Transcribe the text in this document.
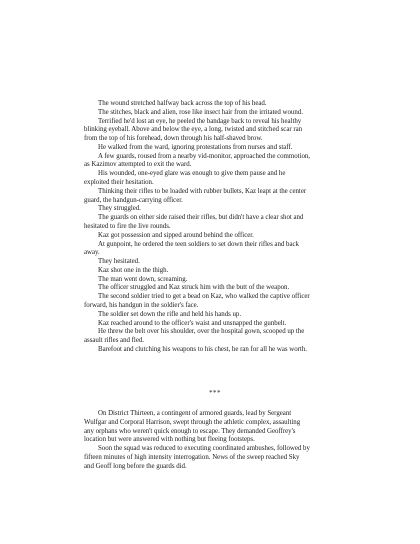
The wound stretched halfway back across the top of his head.

The stitches, black and alien, rose like insect hair from the irritated wound.

Terrified he'd lost an eye, he peeled the bandage back to reveal his healthy
blinking eyeball. Above and below the eye, a long, twisted and stitched scar ran
from the top of his forehead, down through his half-shaved brow.

He walked from the ward, ignoring protestations from nurses and staff.

A few guards, roused from a nearby vid-monitor, approached the commotion,
as Kazimov attempted to exit the ward.

His wounded, one-eyed glare was enough to give them pause and he
exploited their hesitation.

Thinking their rifles to be loaded with rubber bullets, Kaz leapt at the center
guard, the handgun-carrying officer.

They struggled.

The guards on either side raised their rifles, but didn't have a clear shot and
hesitated to fire the live rounds.

Kaz got possession and sipped around behind the officer.

At gunpoint, he ordered the teen soldiers to set down their rifles and back
away.

They hesitated.

Kaz shot one in the thigh.

The man went down, screaming.

The officer struggled and Kaz struck him with the butt of the weapon.

The second soldier tried to get a bead on Kaz, who walked the captive officer
forward, his handgun in the soldier's face.

The soldier set down the rifle and held his hands up.

Kaz reached around to the officer's waist and unsnapped the gunbelt.

He threw the belt over his shoulder, over the hospital gown, scooped up the
assault rifles and fled.

Barefoot and clutching his weapons to his chest, he ran for all he was worth.

***

On District Thirteen, a contingent of armored guards, lead by Sergeant
Wulfgar and Corporal Harrison, swept through the athletic complex, assaulting
any orphans who weren't quick enough to escape. They demanded Geoffrey's
location but were answered with nothing but fleeing footsteps.

Soon the squad was reduced to executing coordinated ambushes, followed by
fifteen minutes of high intensity interrogation. News of the sweep reached Sky
and Geoff long before the guards did.
